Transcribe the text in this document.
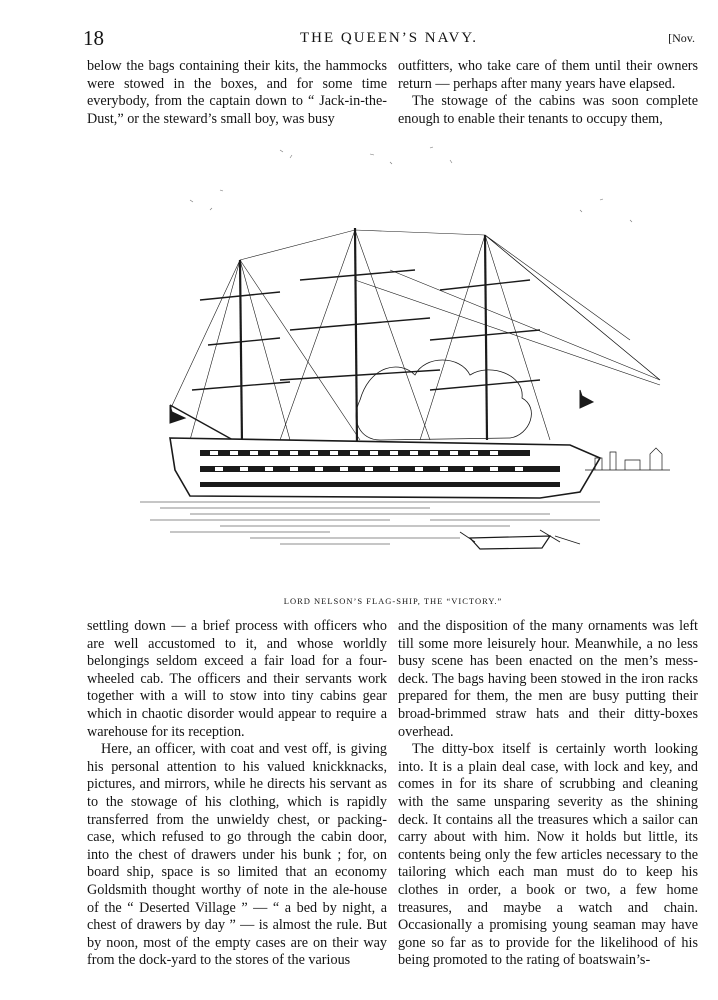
18	THE QUEEN’S NAVY.	[Nov.

below the bags containing their kits, the hammocks were stowed in the boxes, and for some time everybody, from the captain down to “ Jack-in-the-Dust,” or the steward’s small boy, was busy

outfitters, who take care of them until their owners return — perhaps after many years have elapsed.

The stowage of the cabins was soon complete enough to enable their tenants to occupy them,

LORD NELSON’S FLAG-SHIP, THE “VICTORY.”

settling down — a brief process with officers who are well accustomed to it, and whose worldly belongings seldom exceed a fair load for a four-wheeled cab. The officers and their servants work together with a will to stow into tiny cabins gear which in chaotic disorder would appear to require a warehouse for its reception.

Here, an officer, with coat and vest off, is giving his personal attention to his valued knickknacks, pictures, and mirrors, while he directs his servant as to the stowage of his clothing, which is rapidly transferred from the unwieldy chest, or packing-case, which refused to go through the cabin door, into the chest of drawers under his bunk ; for, on board ship, space is so limited that an economy Goldsmith thought worthy of note in the ale-house of the “ Deserted Village ” — “ a bed by night, a chest of drawers by day ” — is almost the rule. But by noon, most of the empty cases are on their way from the dock-yard to the stores of the various

and the disposition of the many ornaments was left till some more leisurely hour. Meanwhile, a no less busy scene has been enacted on the men’s mess-deck. The bags having been stowed in the iron racks prepared for them, the men are busy putting their broad-brimmed straw hats and their ditty-boxes overhead.

The ditty-box itself is certainly worth looking into. It is a plain deal case, with lock and key, and comes in for its share of scrubbing and cleaning with the same unsparing severity as the shining deck. It contains all the treasures which a sailor can carry about with him. Now it holds but little, its contents being only the few articles necessary to the tailoring which each man must do to keep his clothes in order, a book or two, a few home treasures, and maybe a watch and chain. Occasionally a promising young seaman may have gone so far as to provide for the likelihood of his being promoted to the rating of boatswain’s-
